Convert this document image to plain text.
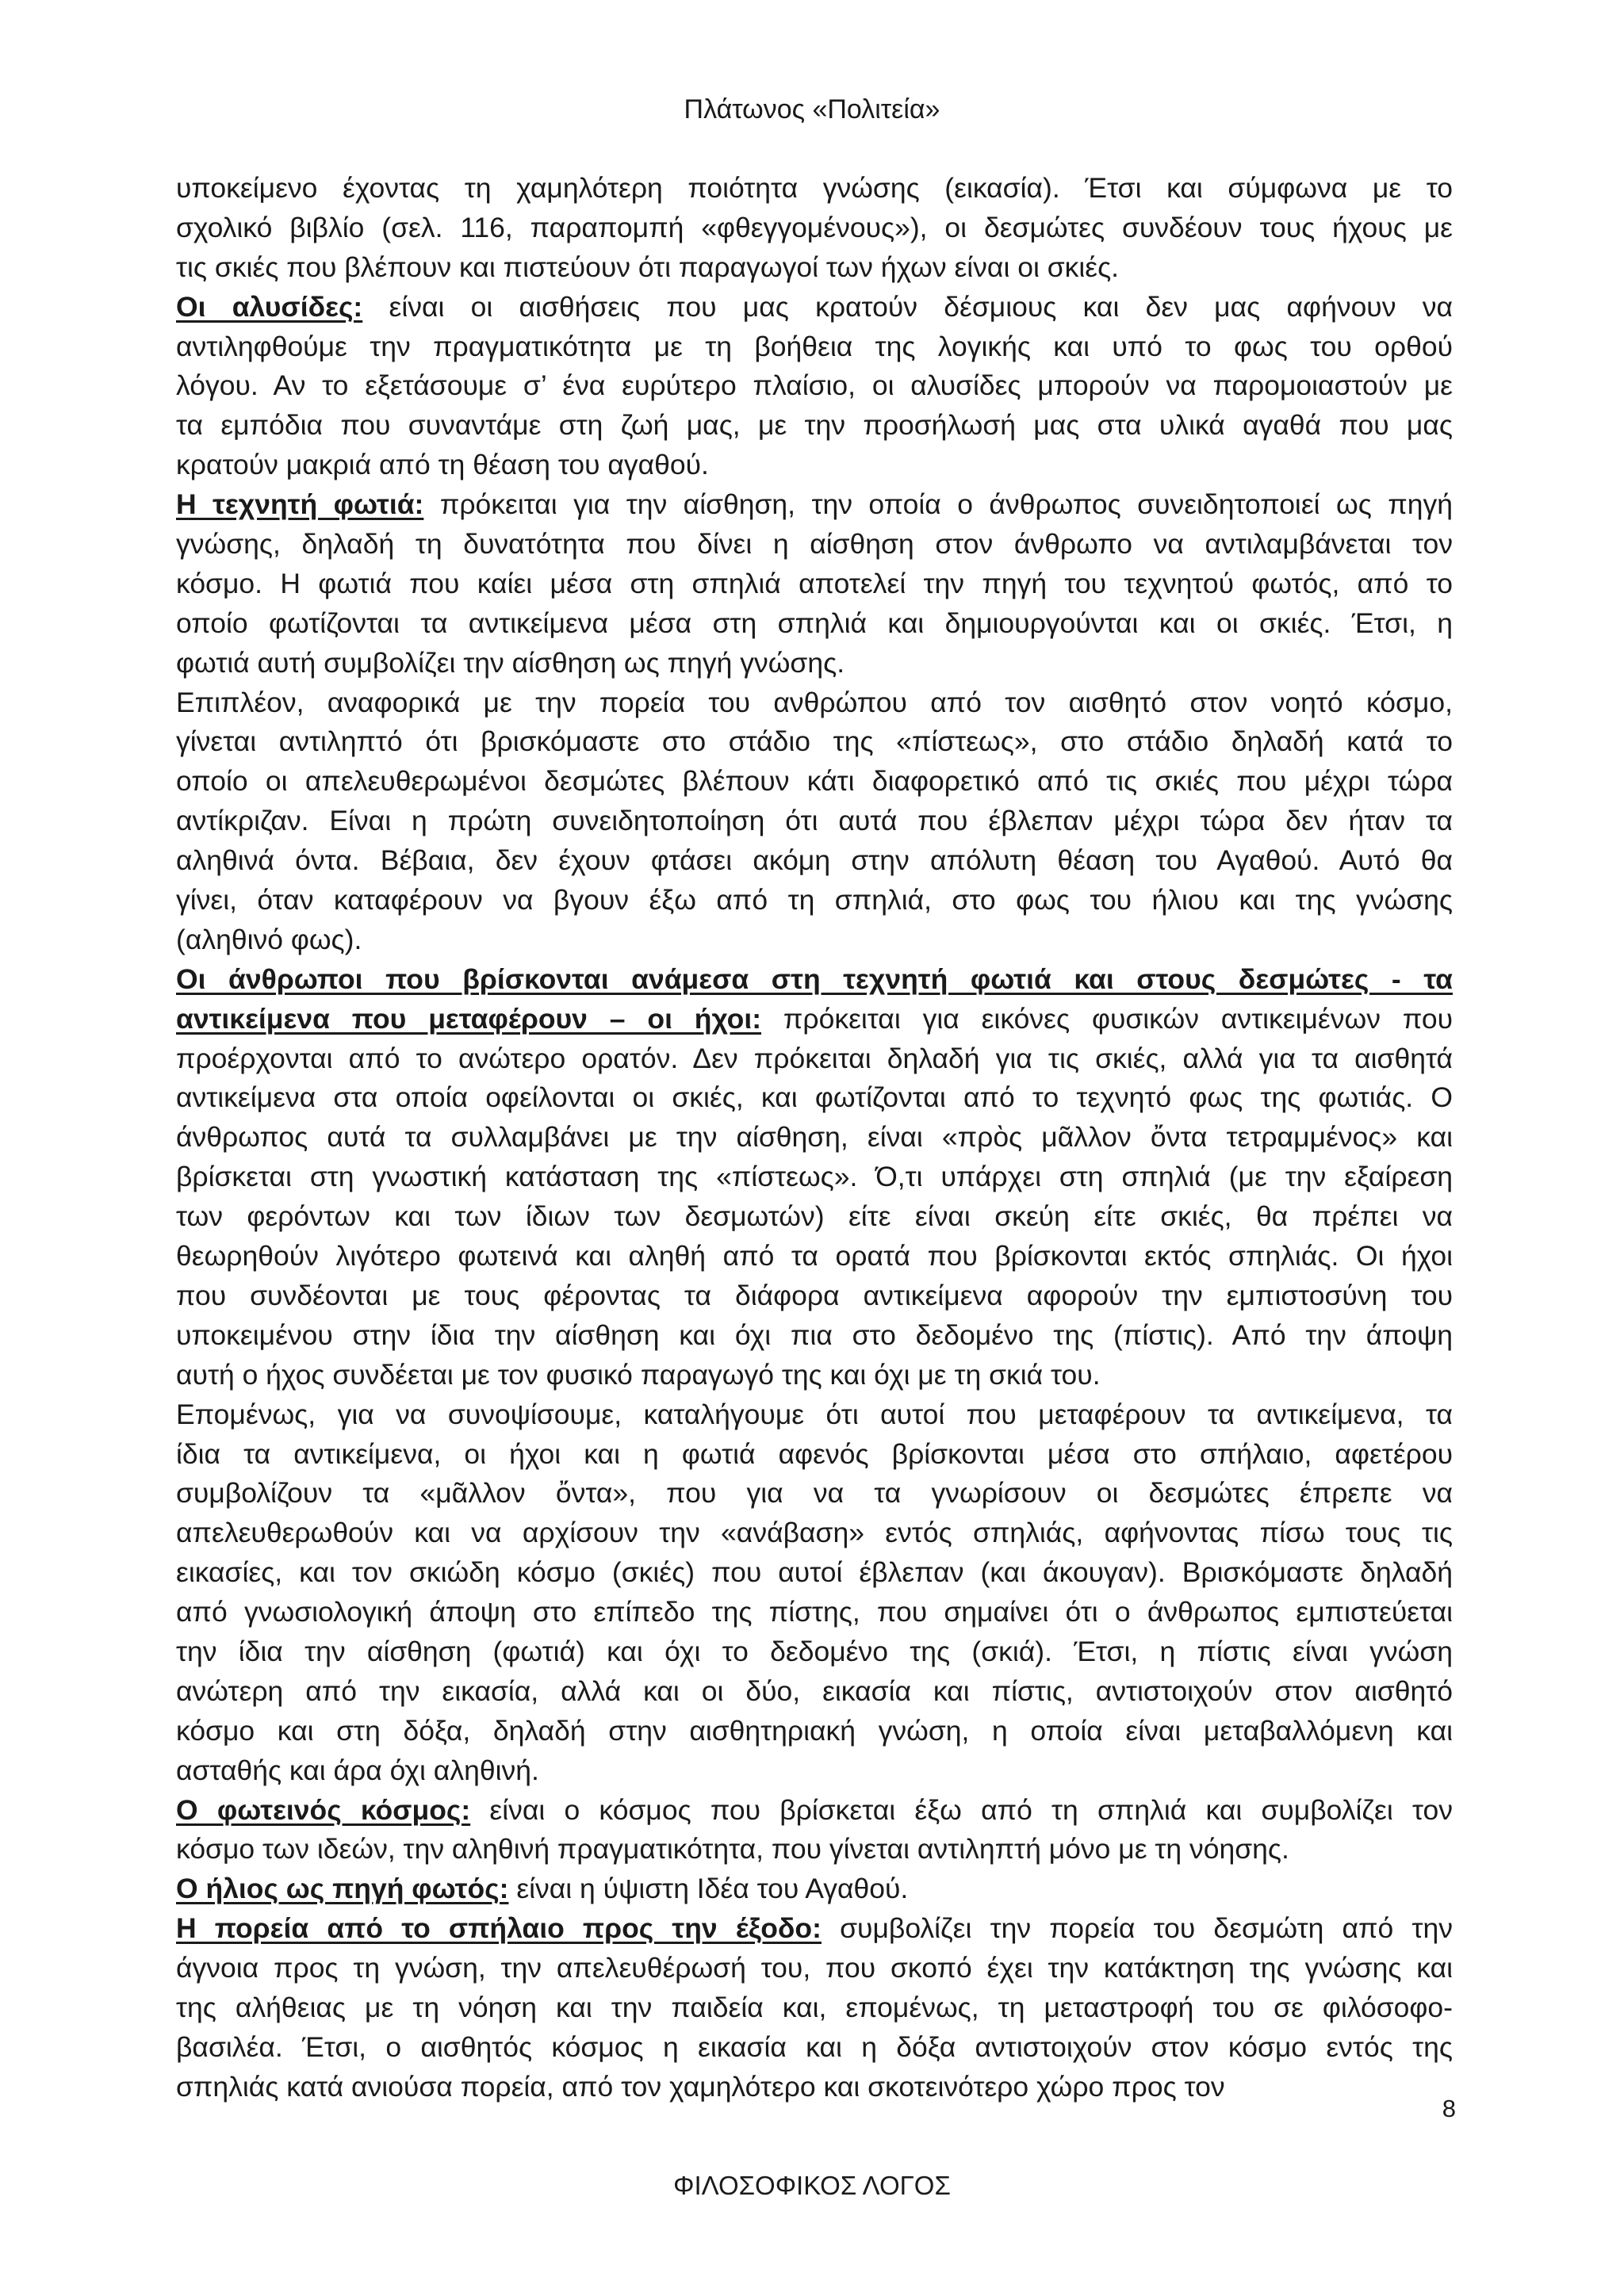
Πλάτωνος «Πολιτεία»
υποκείμενο έχοντας τη χαμηλότερη ποιότητα γνώσης (εικασία). Έτσι και σύμφωνα με το
σχολικό βιβλίο (σελ. 116, παραπομπή «φθεγγομένους»), οι δεσμώτες συνδέουν τους ήχους με
τις σκιές που βλέπουν και πιστεύουν ότι παραγωγοί των ήχων είναι οι σκιές.
Οι αλυσίδες: είναι οι αισθήσεις που μας κρατούν δέσμιους και δεν μας αφήνουν να
αντιληφθούμε την πραγματικότητα με τη βοήθεια της λογικής και υπό το φως του ορθού
λόγου. Αν το εξετάσουμε σ’ ένα ευρύτερο πλαίσιο, οι αλυσίδες μπορούν να παρομοιαστούν με
τα εμπόδια που συναντάμε στη ζωή μας, με την προσήλωσή μας στα υλικά αγαθά που μας
κρατούν μακριά από τη θέαση του αγαθού.
Η τεχνητή φωτιά: πρόκειται για την αίσθηση, την οποία ο άνθρωπος συνειδητοποιεί ως πηγή
γνώσης, δηλαδή τη δυνατότητα που δίνει η αίσθηση στον άνθρωπο να αντιλαμβάνεται τον
κόσμο. Η φωτιά που καίει μέσα στη σπηλιά αποτελεί την πηγή του τεχνητού φωτός, από το
οποίο φωτίζονται τα αντικείμενα μέσα στη σπηλιά και δημιουργούνται και οι σκιές. Έτσι, η
φωτιά αυτή συμβολίζει την αίσθηση ως πηγή γνώσης.
Επιπλέον, αναφορικά με την πορεία του ανθρώπου από τον αισθητό στον νοητό κόσμο,
γίνεται αντιληπτό ότι βρισκόμαστε στο στάδιο της «πίστεως», στο στάδιο δηλαδή κατά το
οποίο οι απελευθερωμένοι δεσμώτες βλέπουν κάτι διαφορετικό από τις σκιές που μέχρι τώρα
αντίκριζαν. Είναι η πρώτη συνειδητοποίηση ότι αυτά που έβλεπαν μέχρι τώρα δεν ήταν τα
αληθινά όντα. Βέβαια, δεν έχουν φτάσει ακόμη στην απόλυτη θέαση του Αγαθού. Αυτό θα
γίνει, όταν καταφέρουν να βγουν έξω από τη σπηλιά, στο φως του ήλιου και της γνώσης
(αληθινό φως).
Οι άνθρωποι που βρίσκονται ανάμεσα στη τεχνητή φωτιά και στους δεσμώτες - τα
αντικείμενα που μεταφέρουν – οι ήχοι: πρόκειται για εικόνες φυσικών αντικειμένων που
προέρχονται από το ανώτερο ορατόν. Δεν πρόκειται δηλαδή για τις σκιές, αλλά για τα αισθητά
αντικείμενα στα οποία οφείλονται οι σκιές, και φωτίζονται από το τεχνητό φως της φωτιάς. Ο
άνθρωπος αυτά τα συλλαμβάνει με την αίσθηση, είναι «πρὸς μᾶλλον ὄντα τετραμμένος» και
βρίσκεται στη γνωστική κατάσταση της «πίστεως». Ό,τι υπάρχει στη σπηλιά (με την εξαίρεση
των φερόντων και των ίδιων των δεσμωτών) είτε είναι σκεύη είτε σκιές, θα πρέπει να
θεωρηθούν λιγότερο φωτεινά και αληθή από τα ορατά που βρίσκονται εκτός σπηλιάς. Οι ήχοι
που συνδέονται με τους φέροντας τα διάφορα αντικείμενα αφορούν την εμπιστοσύνη του
υποκειμένου στην ίδια την αίσθηση και όχι πια στο δεδομένο της (πίστις). Από την άποψη
αυτή ο ήχος συνδέεται με τον φυσικό παραγωγό της και όχι με τη σκιά του.
Επομένως, για να συνοψίσουμε, καταλήγουμε ότι αυτοί που μεταφέρουν τα αντικείμενα, τα
ίδια τα αντικείμενα, οι ήχοι και η φωτιά αφενός βρίσκονται μέσα στο σπήλαιο, αφετέρου
συμβολίζουν τα «μᾶλλον ὄντα», που για να τα γνωρίσουν οι δεσμώτες έπρεπε να
απελευθερωθούν και να αρχίσουν την «ανάβαση» εντός σπηλιάς, αφήνοντας πίσω τους τις
εικασίες, και τον σκιώδη κόσμο (σκιές) που αυτοί έβλεπαν (και άκουγαν). Βρισκόμαστε δηλαδή
από γνωσιολογική άποψη στο επίπεδο της πίστης, που σημαίνει ότι ο άνθρωπος εμπιστεύεται
την ίδια την αίσθηση (φωτιά) και όχι το δεδομένο της (σκιά). Έτσι, η πίστις είναι γνώση
ανώτερη από την εικασία, αλλά και οι δύο, εικασία και πίστις, αντιστοιχούν στον αισθητό
κόσμο και στη δόξα, δηλαδή στην αισθητηριακή γνώση, η οποία είναι μεταβαλλόμενη και
ασταθής και άρα όχι αληθινή.
Ο φωτεινός κόσμος: είναι ο κόσμος που βρίσκεται έξω από τη σπηλιά και συμβολίζει τον
κόσμο των ιδεών, την αληθινή πραγματικότητα, που γίνεται αντιληπτή μόνο με τη νόησης.
Ο ήλιος ως πηγή φωτός: είναι η ύψιστη Ιδέα του Αγαθού.
Η πορεία από το σπήλαιο προς την έξοδο: συμβολίζει την πορεία του δεσμώτη από την
άγνοια προς τη γνώση, την απελευθέρωσή του, που σκοπό έχει την κατάκτηση της γνώσης και
της αλήθειας με τη νόηση και την παιδεία και, επομένως, τη μεταστροφή του σε φιλόσοφο-
βασιλέα. Έτσι, ο αισθητός κόσμος η εικασία και η δόξα αντιστοιχούν στον κόσμο εντός της
σπηλιάς κατά ανιούσα πορεία, από τον χαμηλότερο και σκοτεινότερο χώρο προς τον
8
ΦΙΛΟΣΟΦΙΚΟΣ ΛΟΓΟΣ
